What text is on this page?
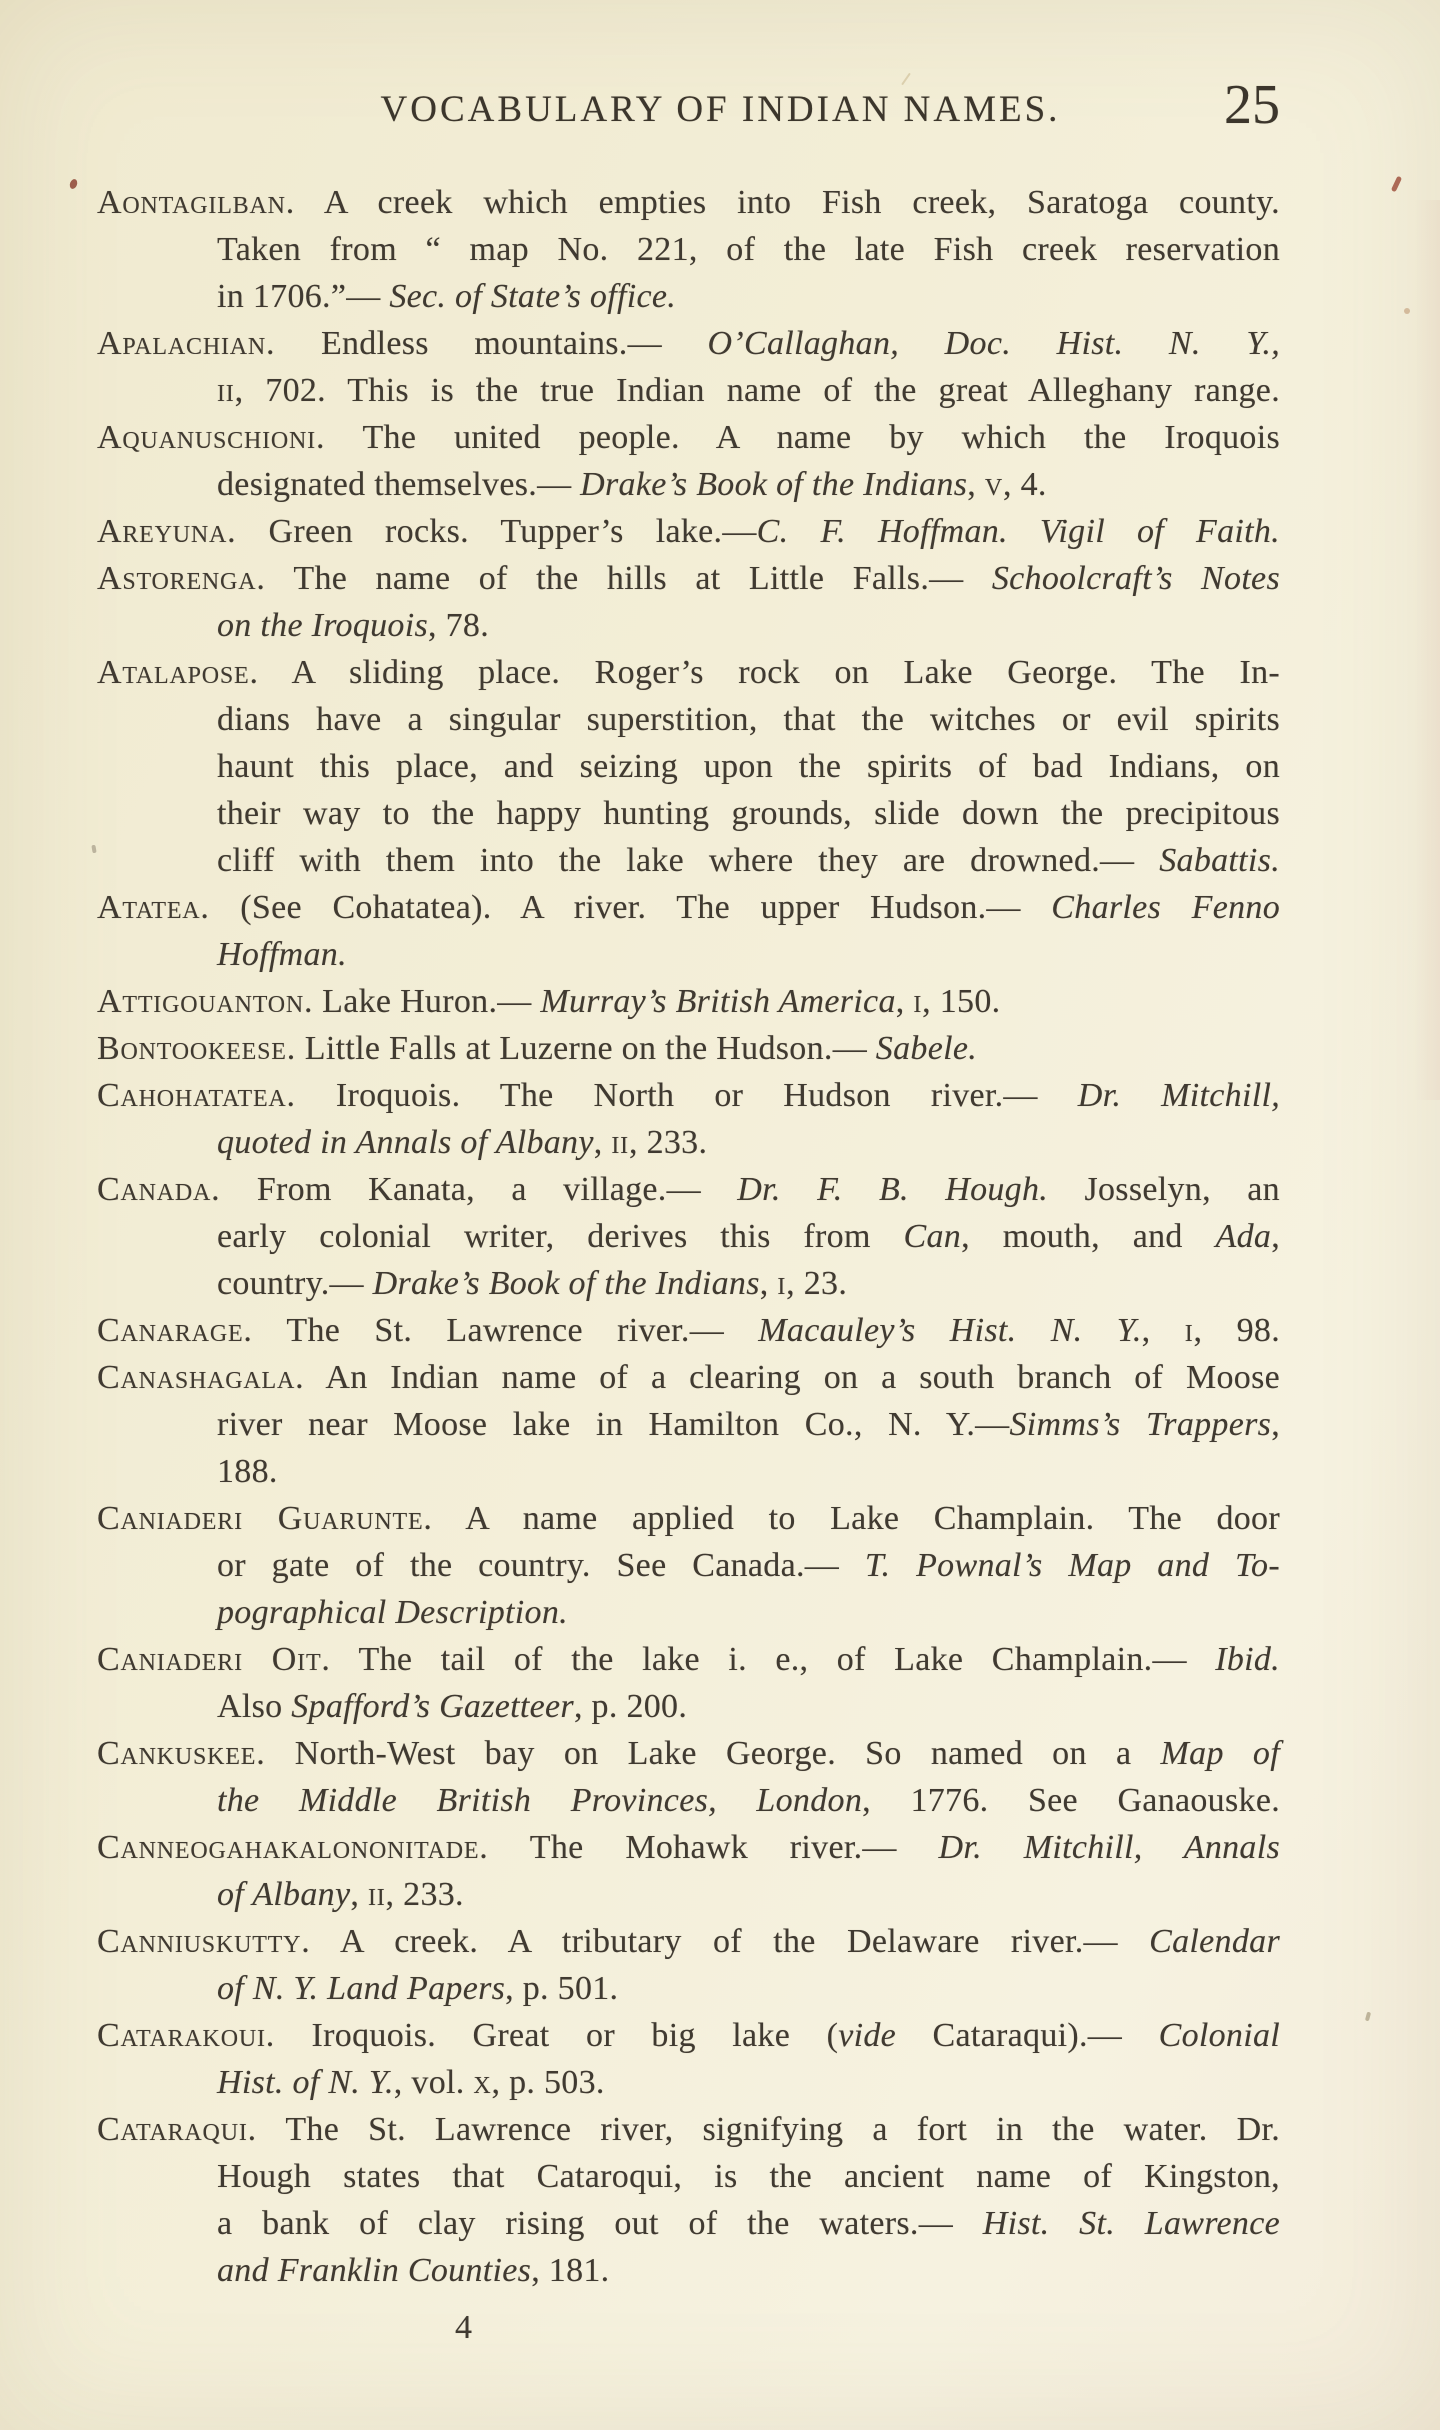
VOCABULARY OF INDIAN NAMES.	25
Aontagilban. A creek which empties into Fish creek, Saratoga county.
Taken from “ map No. 221, of the late Fish creek reservation
in 1706.”— Sec. of State’s office.
Apalachian. Endless mountains.— O’Callaghan, Doc. Hist. N. Y.,
ii, 702. This is the true Indian name of the great Alleghany range.
Aquanuschioni. The united people. A name by which the Iroquois
designated themselves.— Drake’s Book of the Indians, v, 4.
Areyuna. Green rocks. Tupper’s lake.—C. F. Hoffman. Vigil of Faith.
Astorenga. The name of the hills at Little Falls.— Schoolcraft’s Notes
on the Iroquois, 78.
Atalapose. A sliding place. Roger’s rock on Lake George. The In-
dians have a singular superstition, that the witches or evil spirits
haunt this place, and seizing upon the spirits of bad Indians, on
their way to the happy hunting grounds, slide down the precipitous
cliff with them into the lake where they are drowned.— Sabattis.
Atatea. (See Cohatatea). A river. The upper Hudson.— Charles Fenno
Hoffman.
Attigouanton. Lake Huron.— Murray’s British America, i, 150.
Bontookeese. Little Falls at Luzerne on the Hudson.— Sabele.
Cahohatatea. Iroquois. The North or Hudson river.— Dr. Mitchill,
quoted in Annals of Albany, ii, 233.
Canada. From Kanata, a village.— Dr. F. B. Hough. Josselyn, an
early colonial writer, derives this from Can, mouth, and Ada,
country.— Drake’s Book of the Indians, i, 23.
Canarage. The St. Lawrence river.— Macauley’s Hist. N. Y., i, 98.
Canashagala. An Indian name of a clearing on a south branch of Moose
river near Moose lake in Hamilton Co., N. Y.—Simms’s Trappers,
188.
Caniaderi Guarunte. A name applied to Lake Champlain. The door
or gate of the country. See Canada.— T. Pownal’s Map and To-
pographical Description.
Caniaderi Oit. The tail of the lake i. e., of Lake Champlain.— Ibid.
Also Spafford’s Gazetteer, p. 200.
Cankuskee. North-West bay on Lake George. So named on a Map of
the Middle British Provinces, London, 1776. See Ganaouske.
Canneogahakalononitade. The Mohawk river.— Dr. Mitchill, Annals
of Albany, ii, 233.
Canniuskutty. A creek. A tributary of the Delaware river.— Calendar
of N. Y. Land Papers, p. 501.
Catarakoui. Iroquois. Great or big lake (vide Cataraqui).— Colonial
Hist. of N. Y., vol. x, p. 503.
Cataraqui. The St. Lawrence river, signifying a fort in the water. Dr.
Hough states that Cataroqui, is the ancient name of Kingston,
a bank of clay rising out of the waters.— Hist. St. Lawrence
and Franklin Counties, 181.
4
